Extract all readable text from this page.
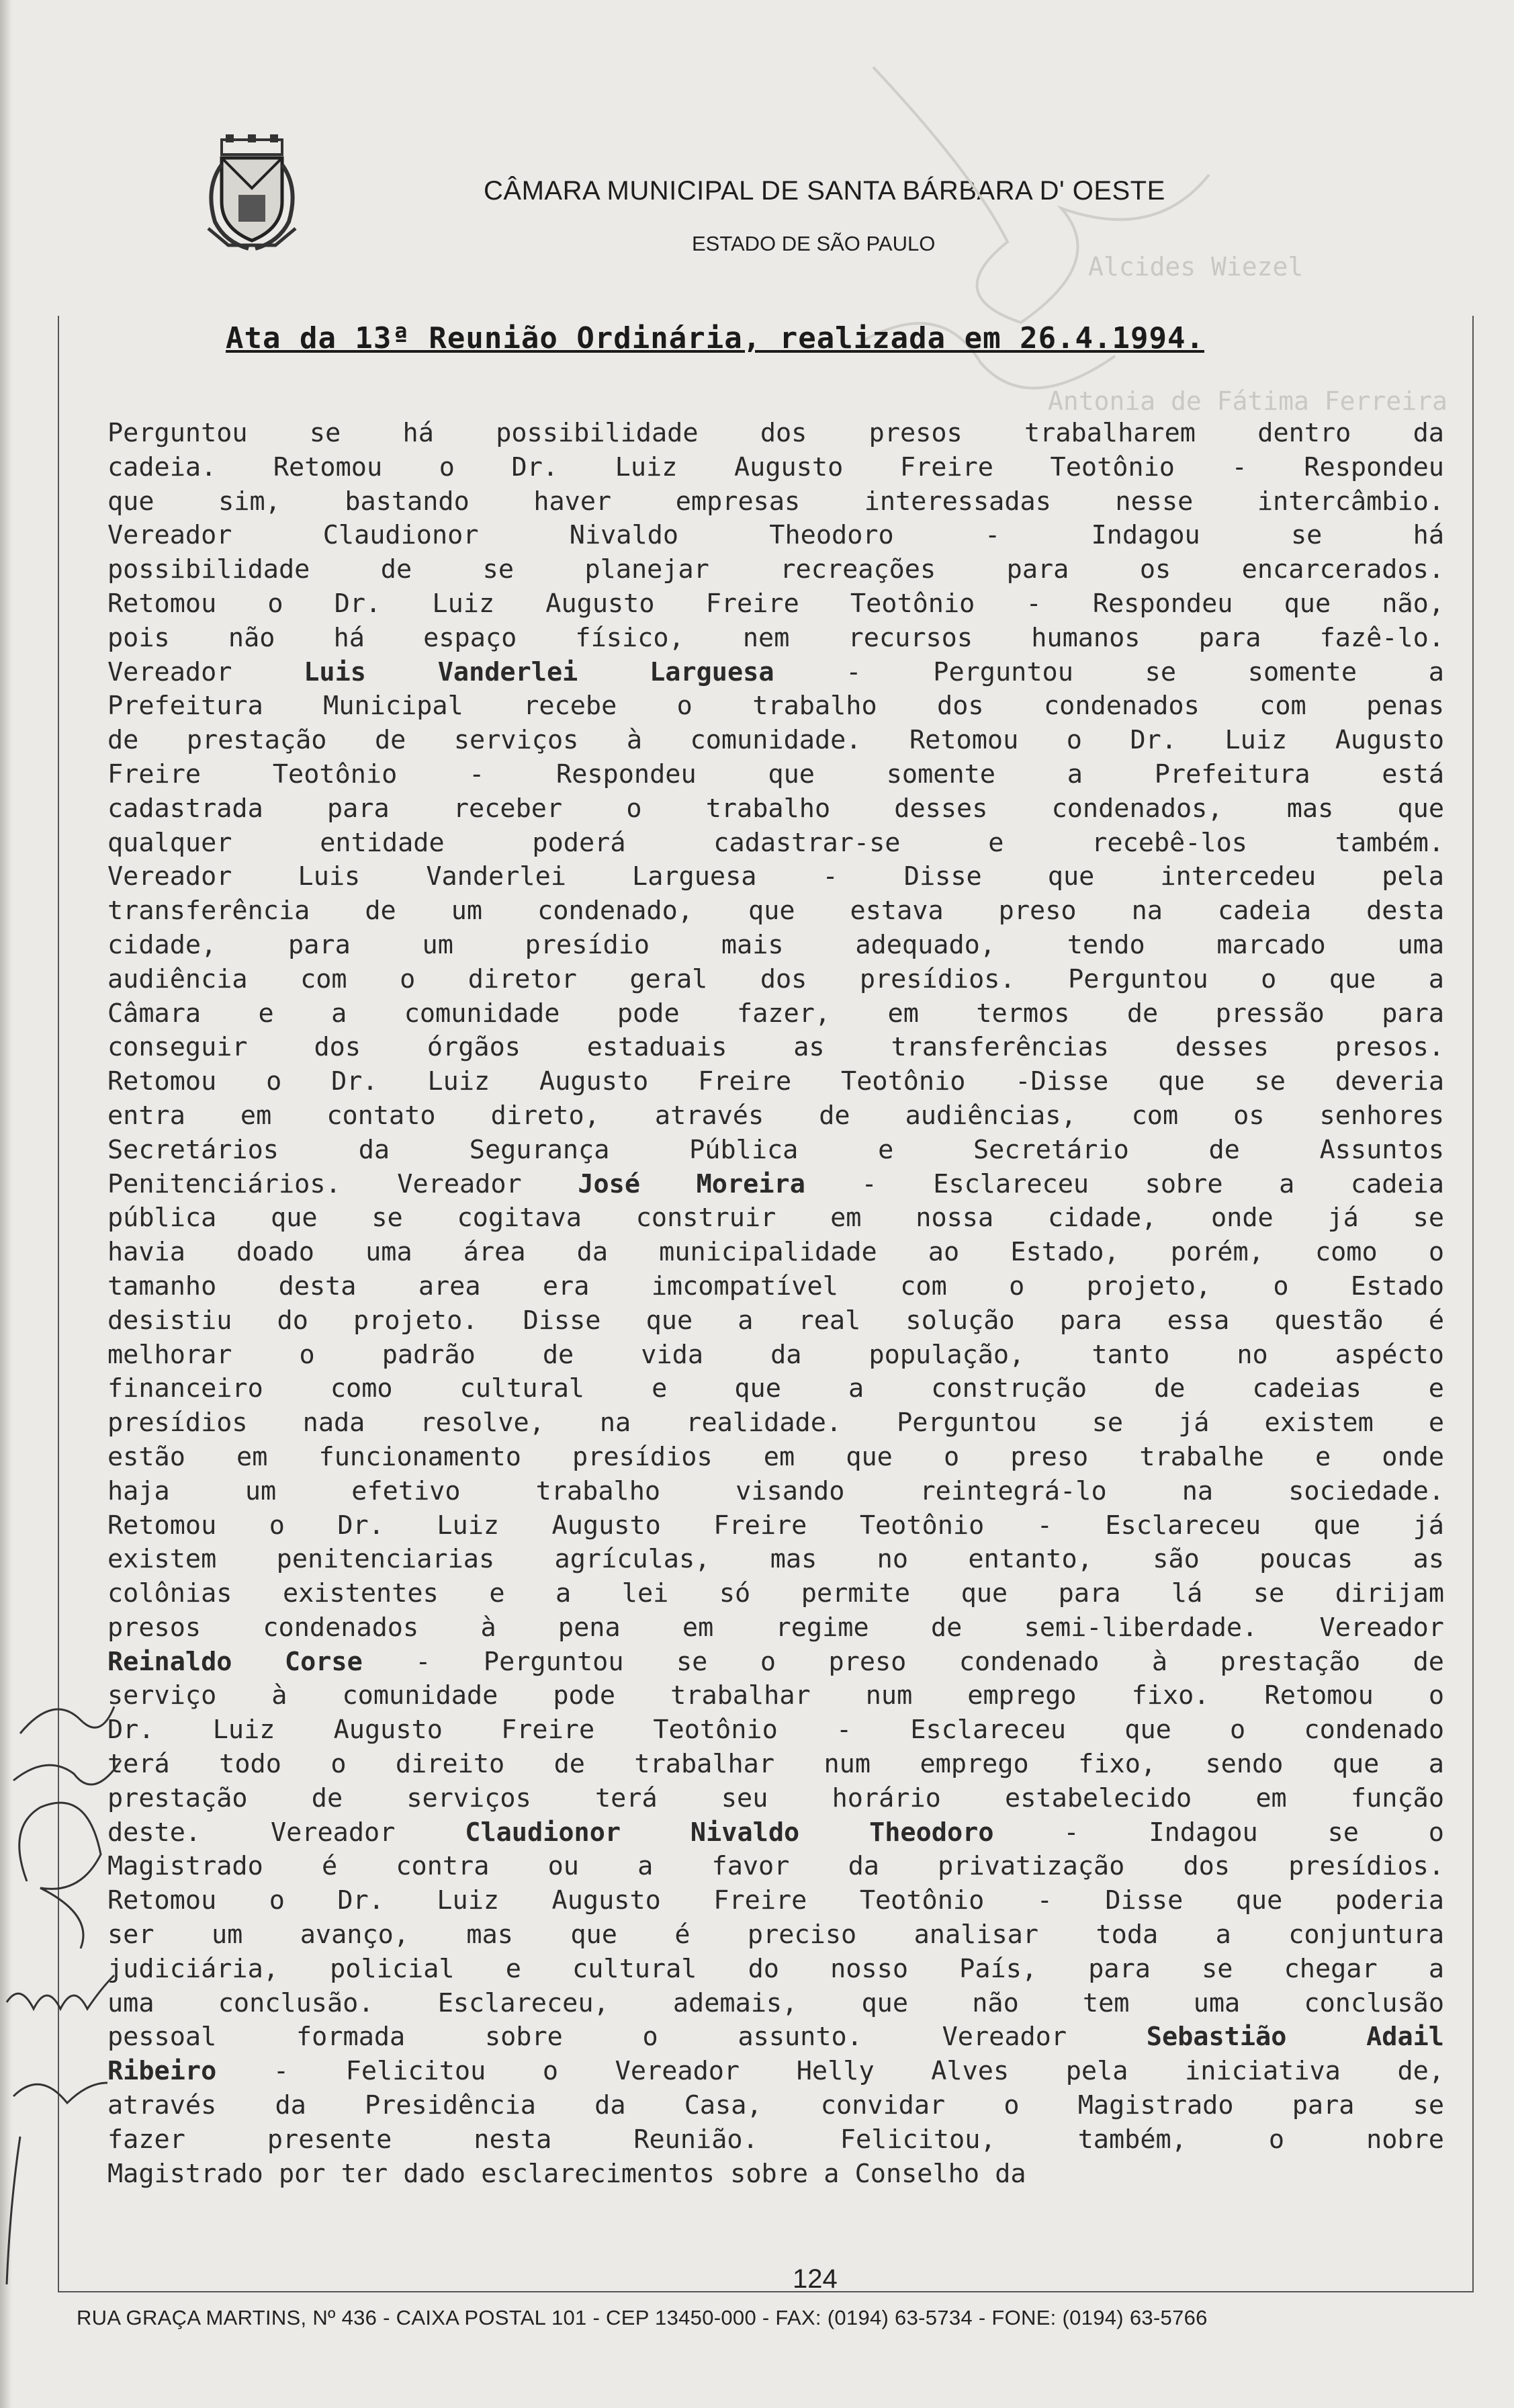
CÂMARA MUNICIPAL DE SANTA BÁRBARA D' OESTE
ESTADO DE SÃO PAULO
Alcides Wiezel
Antonia de Fátima Ferreira
Ata da 13ª Reunião Ordinária, realizada em 26.4.1994.
Perguntou se há possibilidade dos presos trabalharem dentro da
cadeia. Retomou o Dr. Luiz Augusto Freire Teotônio - Respondeu
que sim, bastando haver empresas interessadas nesse intercâmbio.
Vereador Claudionor Nivaldo Theodoro - Indagou se há
possibilidade de se planejar recreações para os encarcerados.
Retomou o Dr. Luiz Augusto Freire Teotônio - Respondeu que não,
pois não há espaço físico, nem recursos humanos para fazê-lo.
Vereador Luis Vanderlei Larguesa - Perguntou se somente a
Prefeitura Municipal recebe o trabalho dos condenados com penas
de prestação de serviços à comunidade. Retomou o Dr. Luiz Augusto
Freire Teotônio - Respondeu que somente a Prefeitura está
cadastrada para receber o trabalho desses condenados, mas que
qualquer entidade poderá cadastrar-se e recebê-los também.
Vereador Luis Vanderlei Larguesa - Disse que intercedeu pela
transferência de um condenado, que estava preso na cadeia desta
cidade, para um presídio mais adequado, tendo marcado uma
audiência com o diretor geral dos presídios. Perguntou o que a
Câmara e a comunidade pode fazer, em termos de pressão para
conseguir dos órgãos estaduais as transferências desses presos.
Retomou o Dr. Luiz Augusto Freire Teotônio -Disse que se deveria
entra em contato direto, através de audiências, com os senhores
Secretários da Segurança Pública e Secretário de Assuntos
Penitenciários. Vereador José Moreira - Esclareceu sobre a cadeia
pública que se cogitava construir em nossa cidade, onde já se
havia doado uma área da municipalidade ao Estado, porém, como o
tamanho desta area era imcompatível com o projeto, o Estado
desistiu do projeto. Disse que a real solução para essa questão é
melhorar o padrão de vida da população, tanto no aspécto
financeiro como cultural e que a construção de cadeias e
presídios nada resolve, na realidade. Perguntou se já existem e
estão em funcionamento presídios em que o preso trabalhe e onde
haja um efetivo trabalho visando reintegrá-lo na sociedade.
Retomou o Dr. Luiz Augusto Freire Teotônio - Esclareceu que já
existem penitenciarias agrículas, mas no entanto, são poucas as
colônias existentes e a lei só permite que para lá se dirijam
presos condenados à pena em regime de semi-liberdade. Vereador
Reinaldo Corse - Perguntou se o preso condenado à prestação de
serviço à comunidade pode trabalhar num emprego fixo. Retomou o
Dr. Luiz Augusto Freire Teotônio - Esclareceu que o condenado
terá todo o direito de trabalhar num emprego fixo, sendo que a
prestação de serviços terá seu horário estabelecido em função
deste. Vereador Claudionor Nivaldo Theodoro - Indagou se o
Magistrado é contra ou a favor da privatização dos presídios.
Retomou o Dr. Luiz Augusto Freire Teotônio - Disse que poderia
ser um avanço, mas que é preciso analisar toda a conjuntura
judiciária, policial e cultural do nosso País, para se chegar a
uma conclusão. Esclareceu, ademais, que não tem uma conclusão
pessoal formada sobre o assunto. Vereador Sebastião Adail
Ribeiro - Felicitou o Vereador Helly Alves pela iniciativa de,
através da Presidência da Casa, convidar o Magistrado para se
fazer presente nesta Reunião. Felicitou, também, o nobre
Magistrado por ter dado esclarecimentos sobre a Conselho da
124
RUA GRAÇA MARTINS, Nº 436 - CAIXA POSTAL 101 - CEP 13450-000 - FAX: (0194) 63-5734 - FONE: (0194) 63-5766
